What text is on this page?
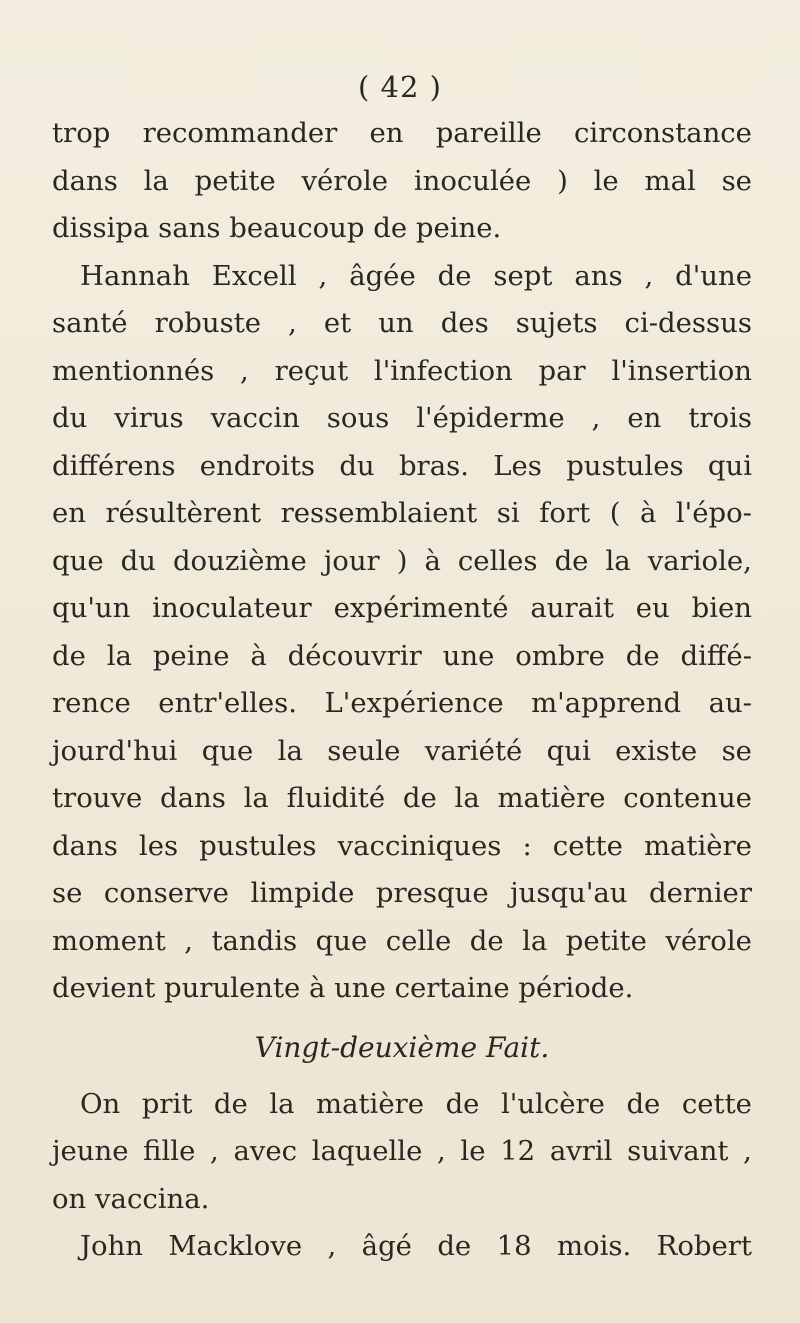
( 42 )
trop recommander en pareille circonstance
dans la petite vérole inoculée ) le mal se
dissipa sans beaucoup de peine.
Hannah Excell , âgée de sept ans , d'une
santé robuste , et un des sujets ci-dessus
mentionnés , reçut l'infection par l'insertion
du virus vaccin sous l'épiderme , en trois
différens endroits du bras. Les pustules qui
en résultèrent ressemblaient si fort ( à l'épo-
que du douzième jour ) à celles de la variole,
qu'un inoculateur expérimenté aurait eu bien
de la peine à découvrir une ombre de diffé-
rence entr'elles. L'expérience m'apprend au-
jourd'hui que la seule variété qui existe se
trouve dans la fluidité de la matière contenue
dans les pustules vacciniques : cette matière
se conserve limpide presque jusqu'au dernier
moment , tandis que celle de la petite vérole
devient purulente à une certaine période.
Vingt-deuxième Fait.
On prit de la matière de l'ulcère de cette
jeune fille , avec laquelle , le 12 avril suivant ,
on vaccina.
John Macklove , âgé de 18 mois. Robert
